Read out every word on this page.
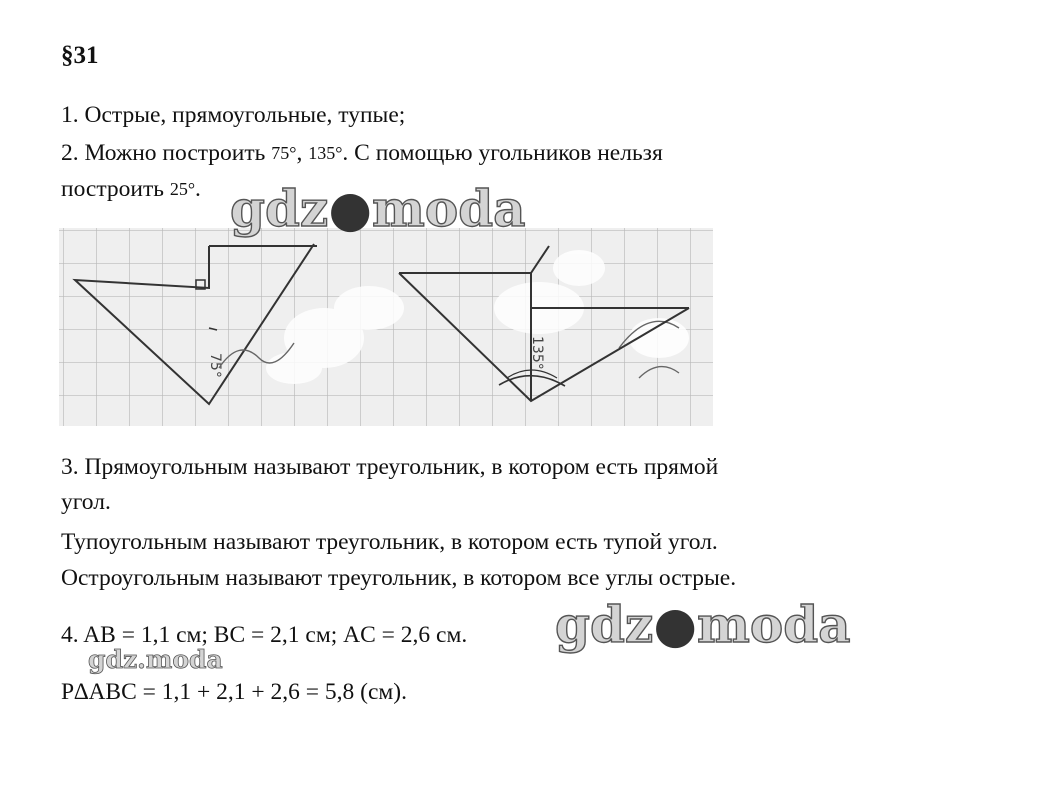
§31
1. Острые, прямоугольные, тупые;
2. Можно построить 75°, 135°. С помощью угольников нельзя
построить 25°.
75°	135°
3. Прямоугольным называют треугольник, в котором есть прямой
угол.
Тупоугольным называют треугольник, в котором есть тупой угол.
Остроугольным называют треугольник, в котором все углы острые.
4. AB = 1,1 см; BC = 2,1 см; AC = 2,6 см.
P∆ABC = 1,1 + 2,1 + 2,6 = 5,8 (см).
gdz●moda
gdz●moda
gdz.moda
